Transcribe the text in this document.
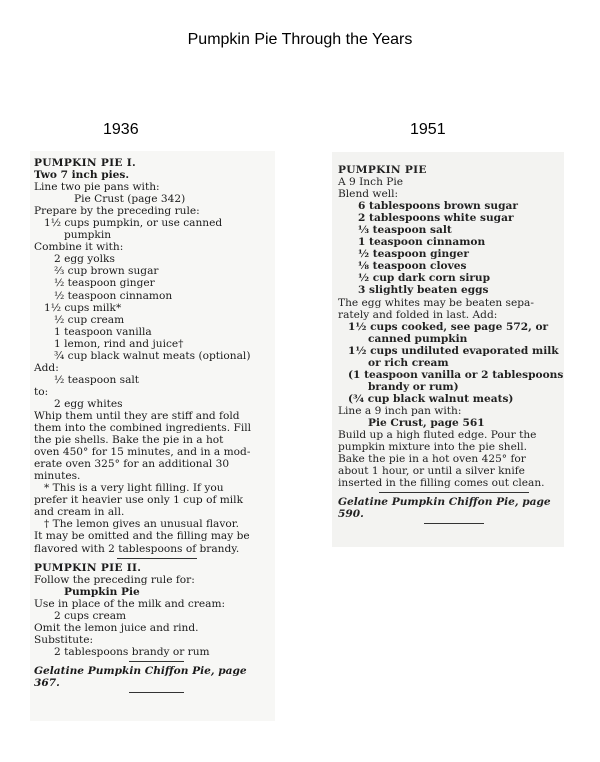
Pumpkin Pie Through the Years
1936	1951
PUMPKIN PIE I.
Two 7 inch pies.
Line two pie pans with:
Pie Crust (page 342)
Prepare by the preceding rule:
1½ cups pumpkin, or use canned
pumpkin
Combine it with:
2 egg yolks
⅔ cup brown sugar
½ teaspoon ginger
½ teaspoon cinnamon
1½ cups milk*
½ cup cream
1 teaspoon vanilla
1 lemon, rind and juice†
¾ cup black walnut meats (optional)
Add:
½ teaspoon salt
to:
2 egg whites
Whip them until they are stiff and fold
them into the combined ingredients. Fill
the pie shells. Bake the pie in a hot
oven 450° for 15 minutes, and in a mod-
erate oven 325° for an additional 30
minutes.
* This is a very light filling. If you
prefer it heavier use only 1 cup of milk
and cream in all.
† The lemon gives an unusual flavor.
It may be omitted and the filling may be
flavored with 2 tablespoons of brandy.
PUMPKIN PIE II.
Follow the preceding rule for:
Pumpkin Pie
Use in place of the milk and cream:
2 cups cream
Omit the lemon juice and rind.
Substitute:
2 tablespoons brandy or rum
Gelatine Pumpkin Chiffon Pie, page
367.
PUMPKIN PIE
A 9 Inch Pie
Blend well:
6 tablespoons brown sugar
2 tablespoons white sugar
⅓ teaspoon salt
1 teaspoon cinnamon
½ teaspoon ginger
⅛ teaspoon cloves
½ cup dark corn sirup
3 slightly beaten eggs
The egg whites may be beaten sepa-
rately and folded in last. Add:
1½ cups cooked, see page 572, or
canned pumpkin
1½ cups undiluted evaporated milk
or rich cream
(1 teaspoon vanilla or 2 tablespoons
brandy or rum)
(¾ cup black walnut meats)
Line a 9 inch pan with:
Pie Crust, page 561
Build up a high fluted edge. Pour the
pumpkin mixture into the pie shell.
Bake the pie in a hot oven 425° for
about 1 hour, or until a silver knife
inserted in the filling comes out clean.
Gelatine Pumpkin Chiffon Pie, page
590.
